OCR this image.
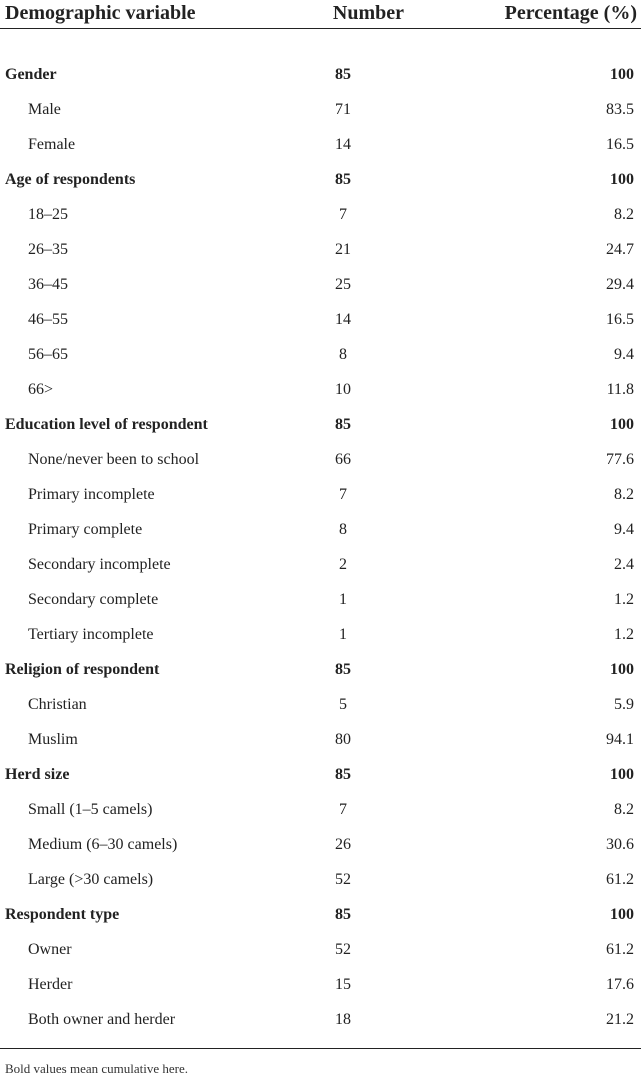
Demographic variable	Number	Percentage (%)

Gender	85	100
Male	71	83.5
Female	14	16.5
Age of respondents	85	100
18–25	7	8.2
26–35	21	24.7
36–45	25	29.4
46–55	14	16.5
56–65	8	9.4
66>	10	11.8
Education level of respondent	85	100
None/never been to school	66	77.6
Primary incomplete	7	8.2
Primary complete	8	9.4
Secondary incomplete	2	2.4
Secondary complete	1	1.2
Tertiary incomplete	1	1.2
Religion of respondent	85	100
Christian	5	5.9
Muslim	80	94.1
Herd size	85	100
Small (1–5 camels)	7	8.2
Medium (6–30 camels)	26	30.6
Large (>30 camels)	52	61.2
Respondent type	85	100
Owner	52	61.2
Herder	15	17.6
Both owner and herder	18	21.2
Bold values mean cumulative here.
